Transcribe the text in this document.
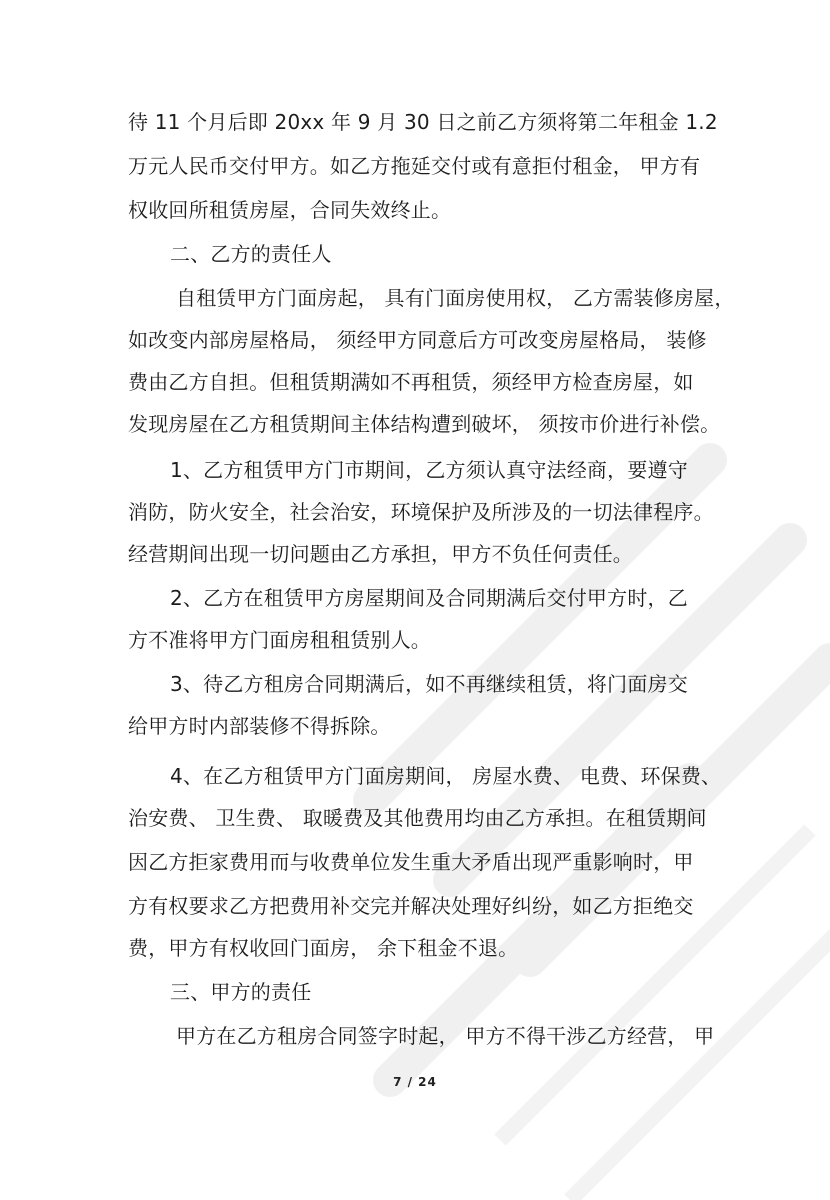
待 11 个月后即 20xx 年 9 月 30 日之前乙方须将第二年租金 1.2

万元人民币交付甲方。如乙方拖延交付或有意拒付租金， 甲方有

权收回所租赁房屋，合同失效终止。

二、乙方的责任人

自租赁甲方门面房起， 具有门面房使用权， 乙方需装修房屋，

如改变内部房屋格局， 须经甲方同意后方可改变房屋格局， 装修

费由乙方自担。但租赁期满如不再租赁，须经甲方检查房屋，如

发现房屋在乙方租赁期间主体结构遭到破坏， 须按市价进行补偿。

1、乙方租赁甲方门市期间，乙方须认真守法经商，要遵守

消防，防火安全，社会治安，环境保护及所涉及的一切法律程序。

经营期间出现一切问题由乙方承担，甲方不负任何责任。

2、乙方在租赁甲方房屋期间及合同期满后交付甲方时，乙

方不准将甲方门面房租租赁别人。

3、待乙方租房合同期满后，如不再继续租赁，将门面房交

给甲方时内部装修不得拆除。

4、在乙方租赁甲方门面房期间， 房屋水费、 电费、环保费、

治安费、 卫生费、 取暖费及其他费用均由乙方承担。在租赁期间

因乙方拒家费用而与收费单位发生重大矛盾出现严重影响时，甲

方有权要求乙方把费用补交完并解决处理好纠纷，如乙方拒绝交

费，甲方有权收回门面房， 余下租金不退。

三、甲方的责任

甲方在乙方租房合同签字时起， 甲方不得干涉乙方经营， 甲

7 / 24
